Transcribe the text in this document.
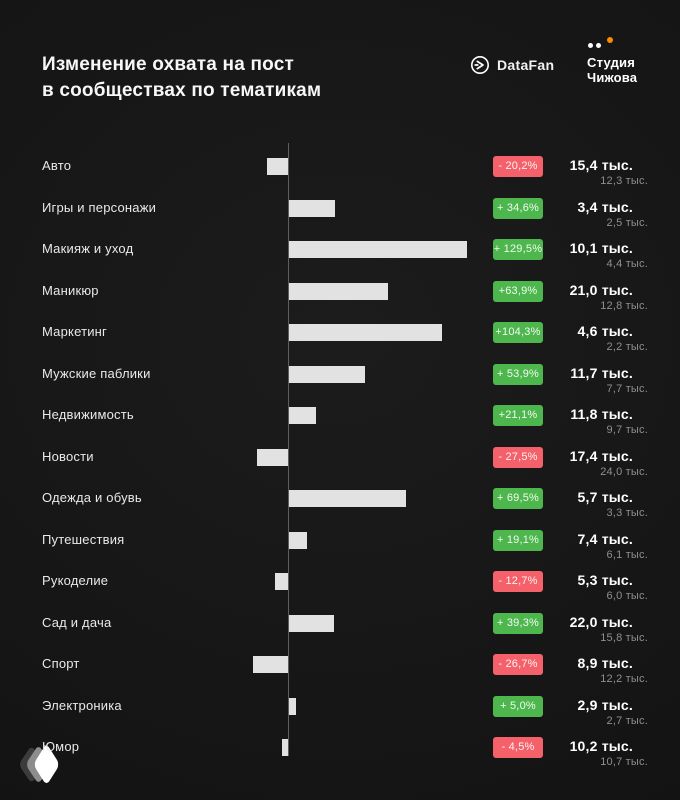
Изменение охвата на пост
в сообществах по тематикам
DataFan	Студия
Чижова
Авто	- 20,2%	15,4 тыс.
12,3 тыс.
Игры и персонажи	+ 34,6%	3,4 тыс.
2,5 тыс.
Макияж и уход	+ 129,5%	10,1 тыс.
4,4 тыс.
Маникюр	+63,9%	21,0 тыс.
12,8 тыс.
Маркетинг	+104,3%	4,6 тыс.
2,2 тыс.
Мужские паблики	+ 53,9%	11,7 тыс.
7,7 тыс.
Недвижимость	+21,1%	11,8 тыс.
9,7 тыс.
Новости	- 27,5%	17,4 тыс.
24,0 тыс.
Одежда и обувь	+ 69,5%	5,7 тыс.
3,3 тыс.
Путешествия	+ 19,1%	7,4 тыс.
6,1 тыс.
Рукоделие	- 12,7%	5,3 тыс.
6,0 тыс.
Сад и дача	+ 39,3%	22,0 тыс.
15,8 тыс.
Спорт	- 26,7%	8,9 тыс.
12,2 тыс.
Электроника	+ 5,0%	2,9 тыс.
2,7 тыс.
Юмор	- 4,5%	10,2 тыс.
10,7 тыс.
